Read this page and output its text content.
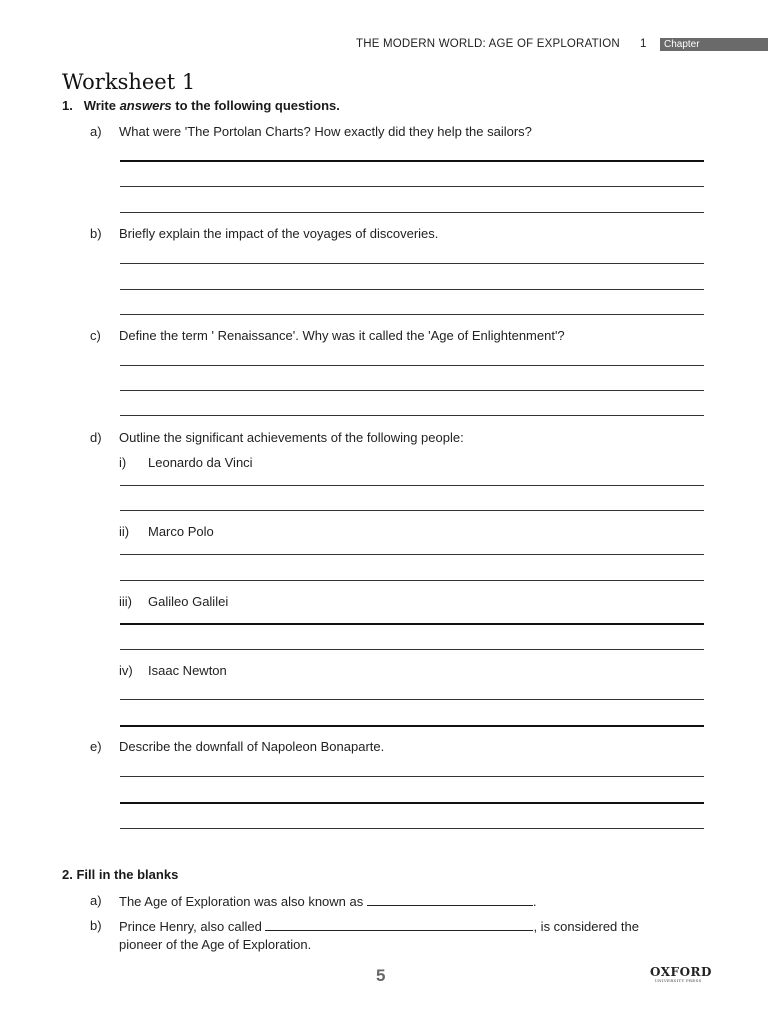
THE MODERN WORLD: AGE OF EXPLORATION 1	Chapter
Worksheet 1
1. Write answers to the following questions.
a) What were 'The Portolan Charts? How exactly did they help the sailors?
b) Briefly explain the impact of the voyages of discoveries.
c) Define the term ' Renaissance'. Why was it called the 'Age of Enlightenment'?
d) Outline the significant achievements of the following people:
i) Leonardo da Vinci
ii) Marco Polo
iii) Galileo Galilei
iv) Isaac Newton
e) Describe the downfall of Napoleon Bonaparte.
2. Fill in the blanks
a) The Age of Exploration was also known as	.
b) Prince Henry, also called	, is considered the
pioneer of the Age of Exploration.
5	OXFORD
UNIVERSITY PRESS
